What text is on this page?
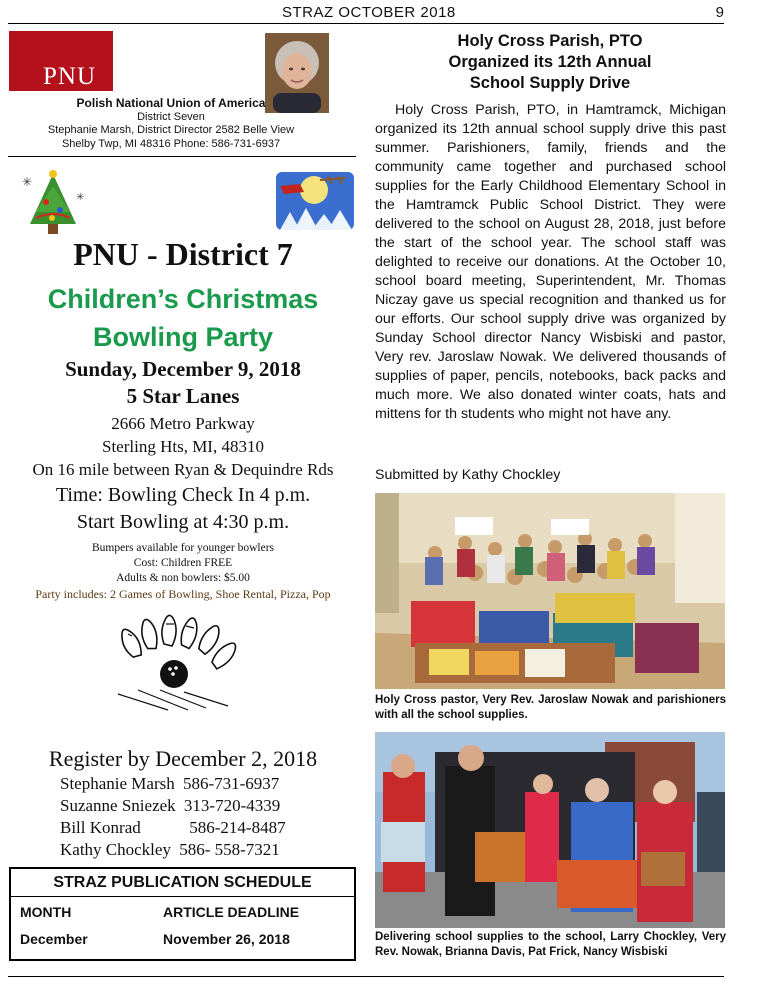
STRAZ OCTOBER 2018	9
PNU
Polish National Union of America
District Seven
Stephanie Marsh, District Director 2582 Belle View
Shelby Twp, MI 48316 Phone: 586-731-6937
✳
✳
PNU - District 7
Children’s Christmas
Bowling Party
Sunday, December 9, 2018
5 Star Lanes
2666 Metro Parkway
Sterling Hts, MI, 48310
On 16 mile between Ryan & Dequindre Rds
Time: Bowling Check In 4 p.m.
Start Bowling at 4:30 p.m.
Bumpers available for younger bowlers
Cost: Children FREE
Adults & non bowlers: $5.00
Party includes: 2 Games of Bowling, Shoe Rental, Pizza, Pop
Register by December 2, 2018
Stephanie Marsh 586-731-6937
Suzanne Sniezek 313-720-4339
Bill Konrad	586-214-8487
Kathy Chockley 586- 558-7321
STRAZ PUBLICATION SCHEDULE
MONTH	ARTICLE DEADLINE
December	November 26, 2018
Holy Cross Parish, PTO
Organized its 12th Annual
School Supply Drive

Holy Cross Parish, PTO, in Hamtramck, Michigan organized its 12th annual school supply drive this past summer. Parishioners, family, friends and the community came together and purchased school supplies for the Early Childhood Elementary School in the Hamtramck Public School District. They were delivered to the school on August 28, 2018, just before the start of the school year. The school staff was delighted to receive our donations. At the October 10, school board meeting, Superintendent, Mr. Thomas Niczay gave us special recognition and thanked us for our efforts. Our school supply drive was organized by Sunday School director Nancy Wisbiski and pastor, Very rev. Jaroslaw Nowak. We delivered thousands of supplies of paper, pencils, notebooks, back packs and much more. We also donated winter coats, hats and mittens for th students who might not have any.

Submitted by Kathy Chockley
Holy Cross pastor, Very Rev. Jaroslaw Nowak and parishioners with all the school supplies.
Delivering school supplies to the school, Larry Chockley, Very Rev. Nowak, Brianna Davis, Pat Frick, Nancy Wisbiski
